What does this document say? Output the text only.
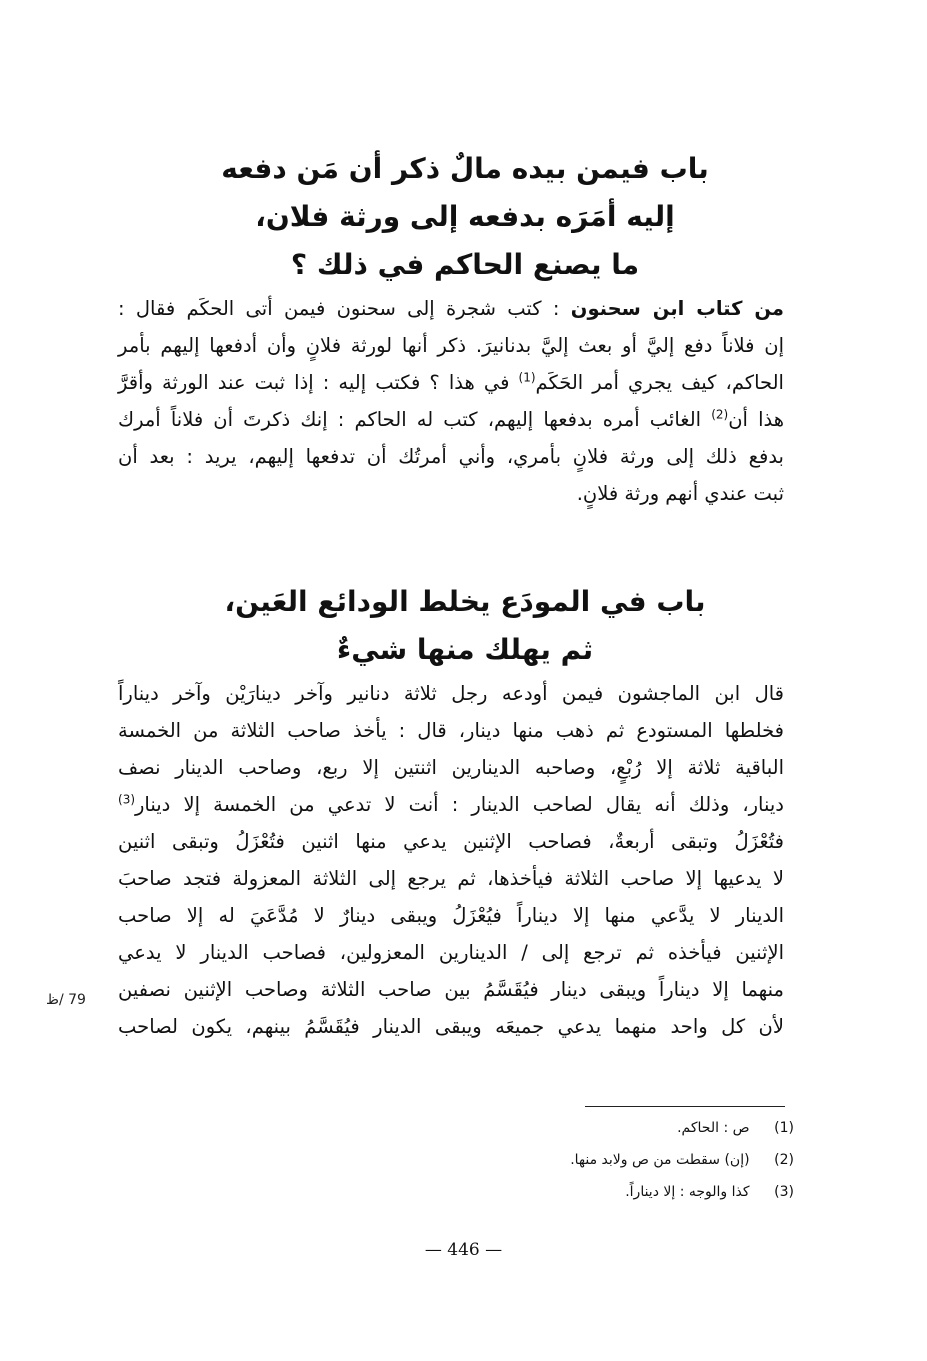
باب فيمن بيده مالٌ ذكر أن مَن دفعه
إليه أمَرَه بدفعه إلى ورثة فلان،
ما يصنع الحاكم في ذلك ؟
من كتاب ابن سحنون : كتب شجرة إلى سحنون فيمن أتى الحكَم فقال :
إن فلاناً دفع إليَّ أو بعث إليَّ بدنانيرَ. ذكر أنها لورثة فلانٍ وأن أدفعها إليهم بأمر
الحاكم، كيف يجري أمر الحَكَم$^{(1)}$ في هذا ؟ فكتب إليه : إذا ثبت عند الورثة وأقرَّ
هذا أن$^{(2)}$ الغائب أمره بدفعها إليهم، كتب له الحاكم : إنك ذكرتَ أن فلاناً أمرك
بدفع ذلك إلى ورثة فلانٍ بأمري، وأني أمرتُك أن تدفعها إليهم، يريد : بعد أن
ثبت عندي أنهم ورثة فلانٍ.
باب في المودَع يخلط الودائع العَين،
ثم يهلك منها شيءٌ
قال ابن الماجشون فيمن أودعه رجل ثلاثة دنانير وآخر دينارَيْن وآخر ديناراً
فخلطها المستودع ثم ذهب منها دينار، قال : يأخذ صاحب الثلاثة من الخمسة
الباقية ثلاثة إلا رُبْعٍ، وصاحبه الدينارين اثنتين إلا ربع، وصاحب الدينار نصف
دينار، وذلك أنه يقال لصاحب الدينار : أنت لا تدعي من الخمسة إلا دينار$^{(3)}$
فتُعْزَلُ وتبقى أربعةٌ، فصاحب الإثنين يدعي منها اثنين فتُعْزَلُ وتبقى اثنين
لا يدعيها إلا صاحب الثلاثة فيأخذها، ثم يرجع إلى الثلاثة المعزولة فتجد صاحبَ
الدينار لا يدَّعي منها إلا ديناراً فيُعْزَلُ ويبقى دينارٌ لا مُدَّعَيَ له إلا صاحب
الإثنين فيأخذه ثم ترجع إلى / الدينارين المعزولين، فصاحب الدينار لا يدعي
منهما إلا ديناراً ويبقى دينار فيُقَسَّمُ بين صاحب الثلاثة وصاحب الإثنين نصفين
لأن كل واحد منهما يدعي جميعَه ويبقى الدينار فيُقَسَّمُ بينهم، يكون لصاحب
79 /ظ
(1) ص : الحاكم.
(2) (إن) سقطت من ص ولابد منها.
(3) كذا والوجه : إلا ديناراً.
— 446 —
